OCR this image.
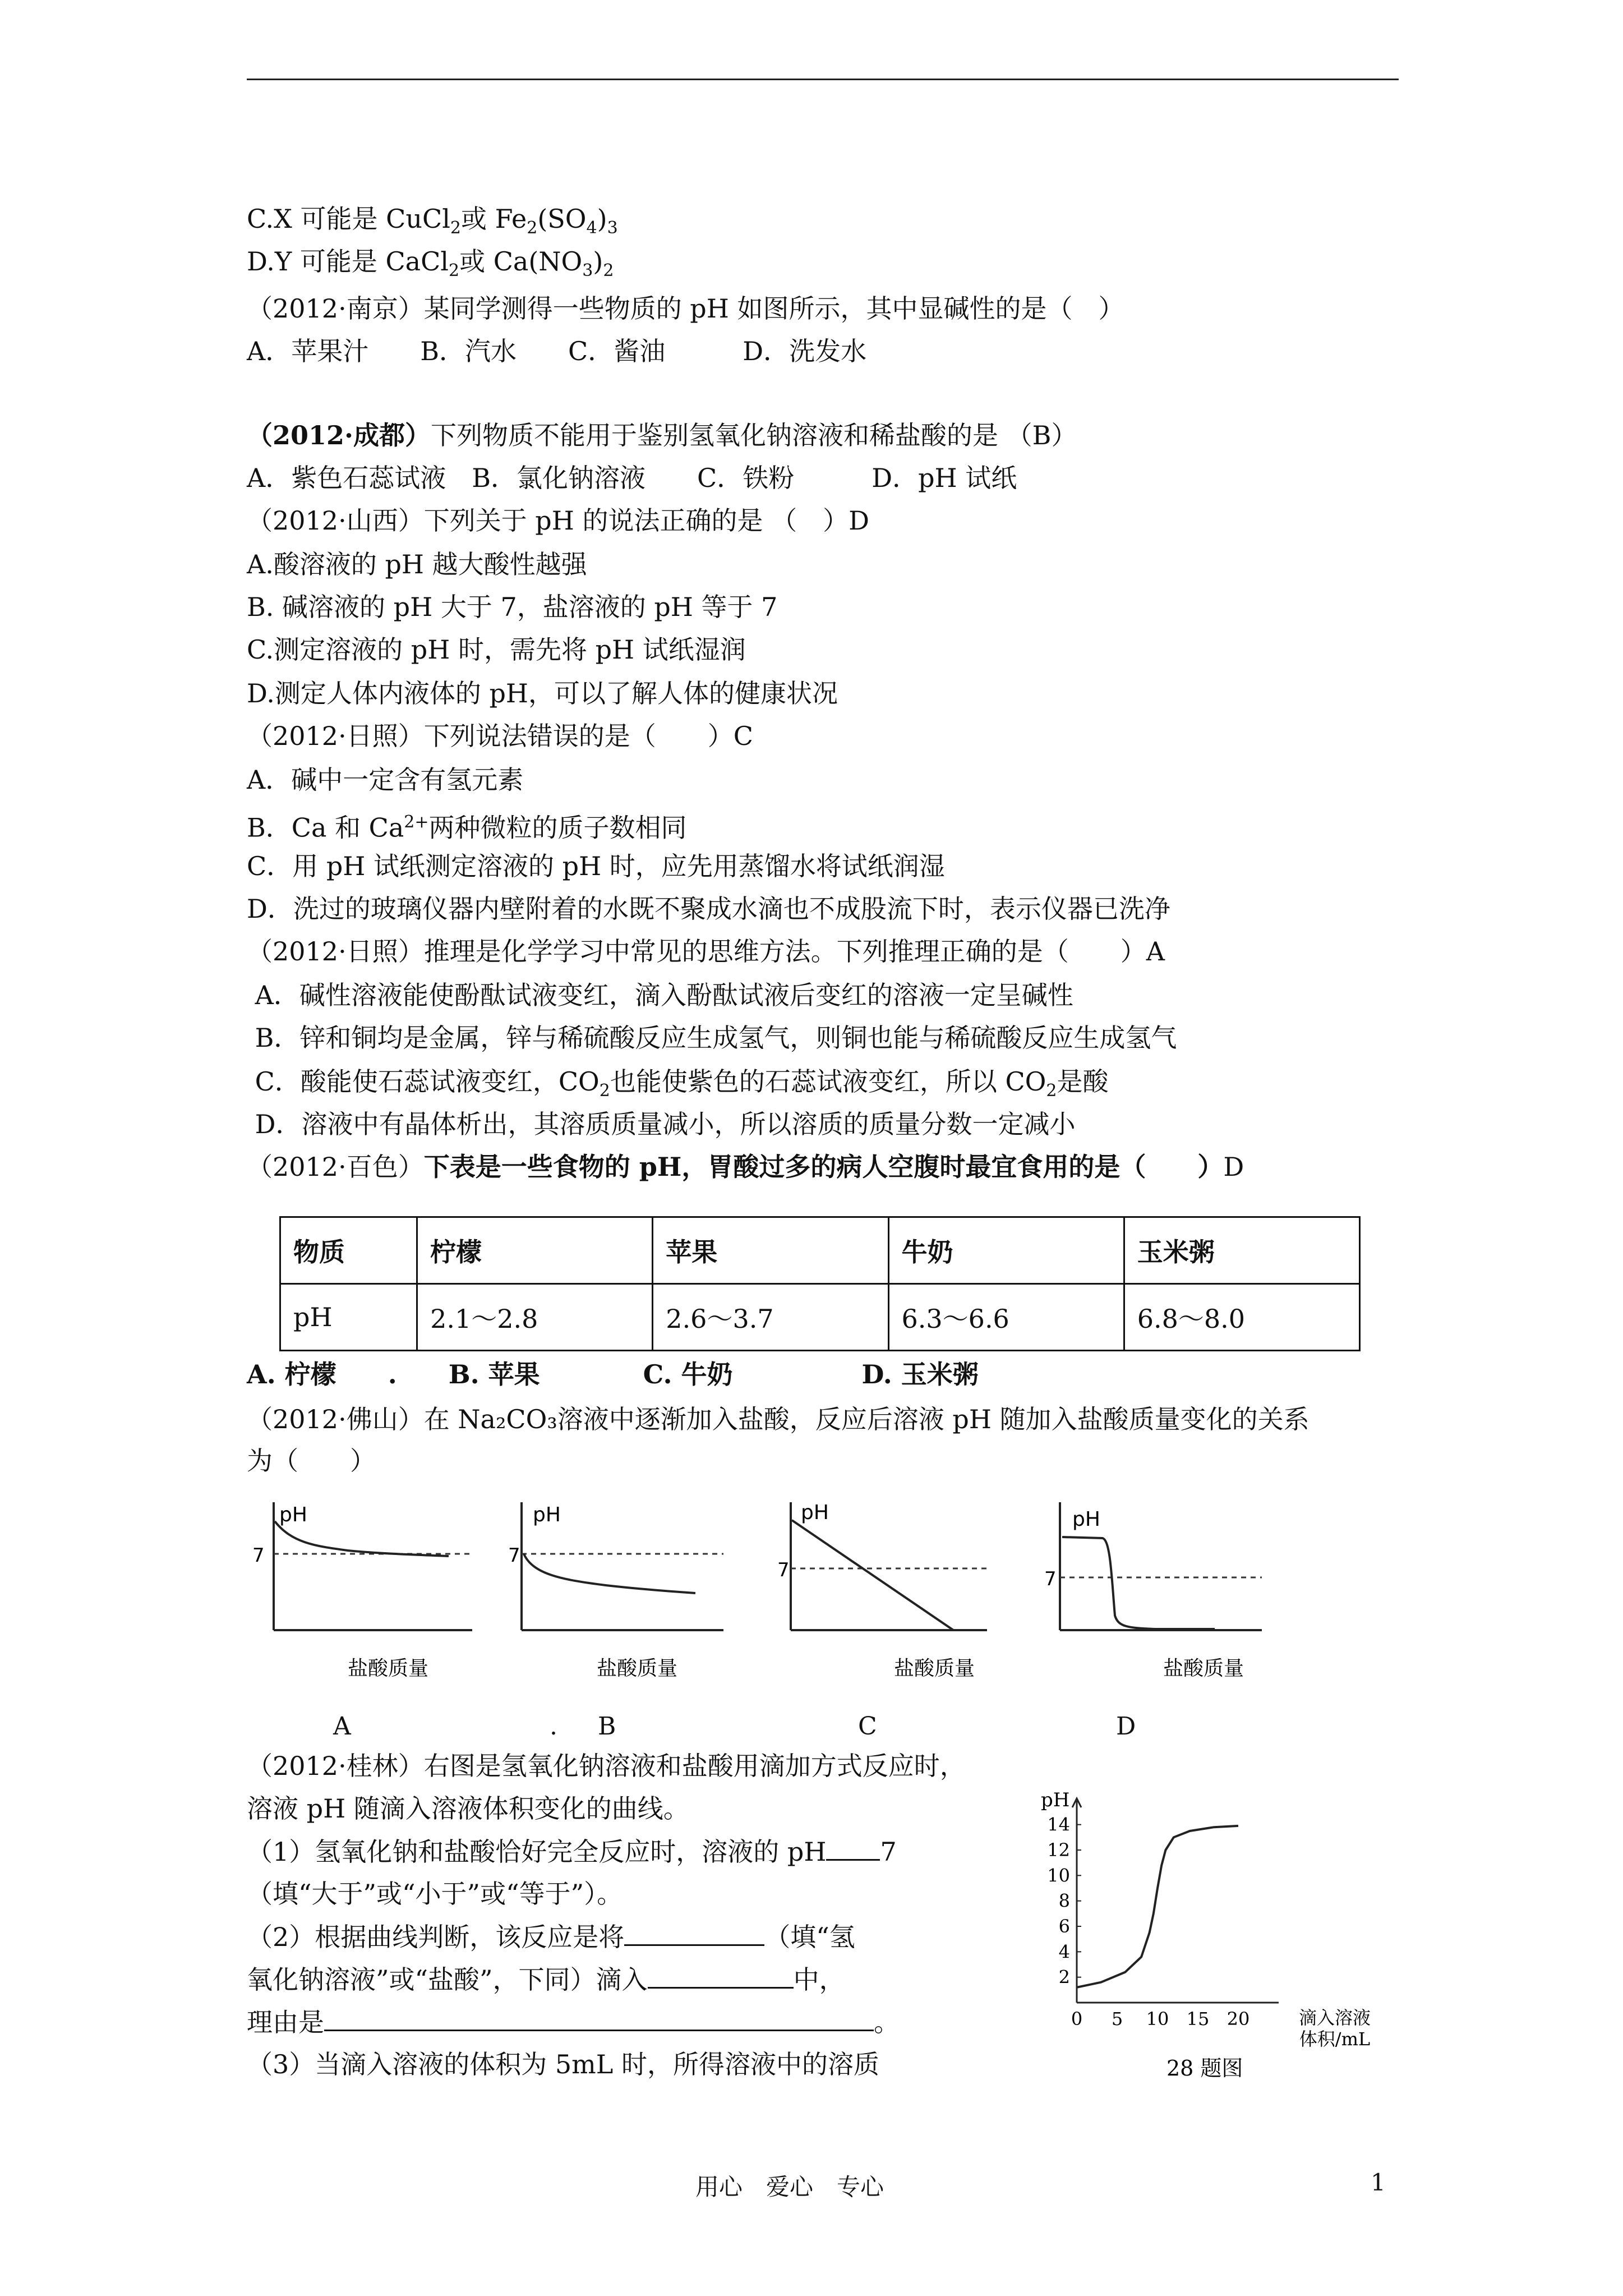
C.X 可能是 CuCl$_2$或 $Fe_2(SO_4)_3$
D.Y 可能是 CaCl$_2$或 $Ca(NO_3)_2$
（2012·南京）某同学测得一些物质的 pH 如图所示，其中显碱性的是（　）
A．苹果汁　　B．汽水　　C．酱油　　　D．洗发水
（2012·成都）下列物质不能用于鉴别氢氧化钠溶液和稀盐酸的是 （B）
A．紫色石蕊试液　B．氯化钠溶液　　C．铁粉　　　D．pH 试纸
（2012·山西）下列关于 pH 的说法正确的是 （　）D
A.酸溶液的 pH 越大酸性越强
B. 碱溶液的 pH 大于 7，盐溶液的 pH 等于 7
C.测定溶液的 pH 时，需先将 pH 试纸湿润
D.测定人体内液体的 pH，可以了解人体的健康状况
（2012·日照）下列说法错误的是（　　）C
A．碱中一定含有氢元素
B．Ca 和 $Ca^{2+}$两种微粒的质子数相同
C．用 pH 试纸测定溶液的 pH 时，应先用蒸馏水将试纸润湿
D．洗过的玻璃仪器内壁附着的水既不聚成水滴也不成股流下时，表示仪器已洗净
（2012·日照）推理是化学学习中常见的思维方法。下列推理正确的是（　　）A
A．碱性溶液能使酚酞试液变红，滴入酚酞试液后变红的溶液一定呈碱性
B．锌和铜均是金属，锌与稀硫酸反应生成氢气，则铜也能与稀硫酸反应生成氢气
C．酸能使石蕊试液变红，$CO_2$也能使紫色的石蕊试液变红，所以 $CO_2$是酸
D．溶液中有晶体析出，其溶质质量减小，所以溶质的质量分数一定减小
（2012·百色）下表是一些食物的 pH，胃酸过多的病人空腹时最宜食用的是（　　）D
物质	柠檬	苹果	牛奶	玉米粥
pH	2.1～2.8	2.6～3.7	6.3～6.6	6.8～8.0
A. 柠檬　　.　　B. 苹果　　　　C. 牛奶　　　　　D. 玉米粥
（2012·佛山）在 Na₂CO₃溶液中逐渐加入盐酸，反应后溶液 pH 随加入盐酸质量变化的关系
为（　　）
pH
7
盐酸质量
pH
7
盐酸质量
pH
7
盐酸质量
pH
7
盐酸质量
A	. B	C	D
（2012·桂林）右图是氢氧化钠溶液和盐酸用滴加方式反应时，
溶液 pH 随滴入溶液体积变化的曲线。
（1）氢氧化钠和盐酸恰好完全反应时，溶液的 pH 7
（填“大于”或“小于”或“等于”）。
（2）根据曲线判断，该反应是将	（填“氢
氧化钠溶液”或“盐酸”，下同）滴入	中，
理由是	。
（3）当滴入溶液的体积为 5mL 时，所得溶液中的溶质
pH
2
4
6
8
10
12
14
0 5 10 15 20	滴入溶液
体积/mL
28 题图
用心　爱心　专心	1
